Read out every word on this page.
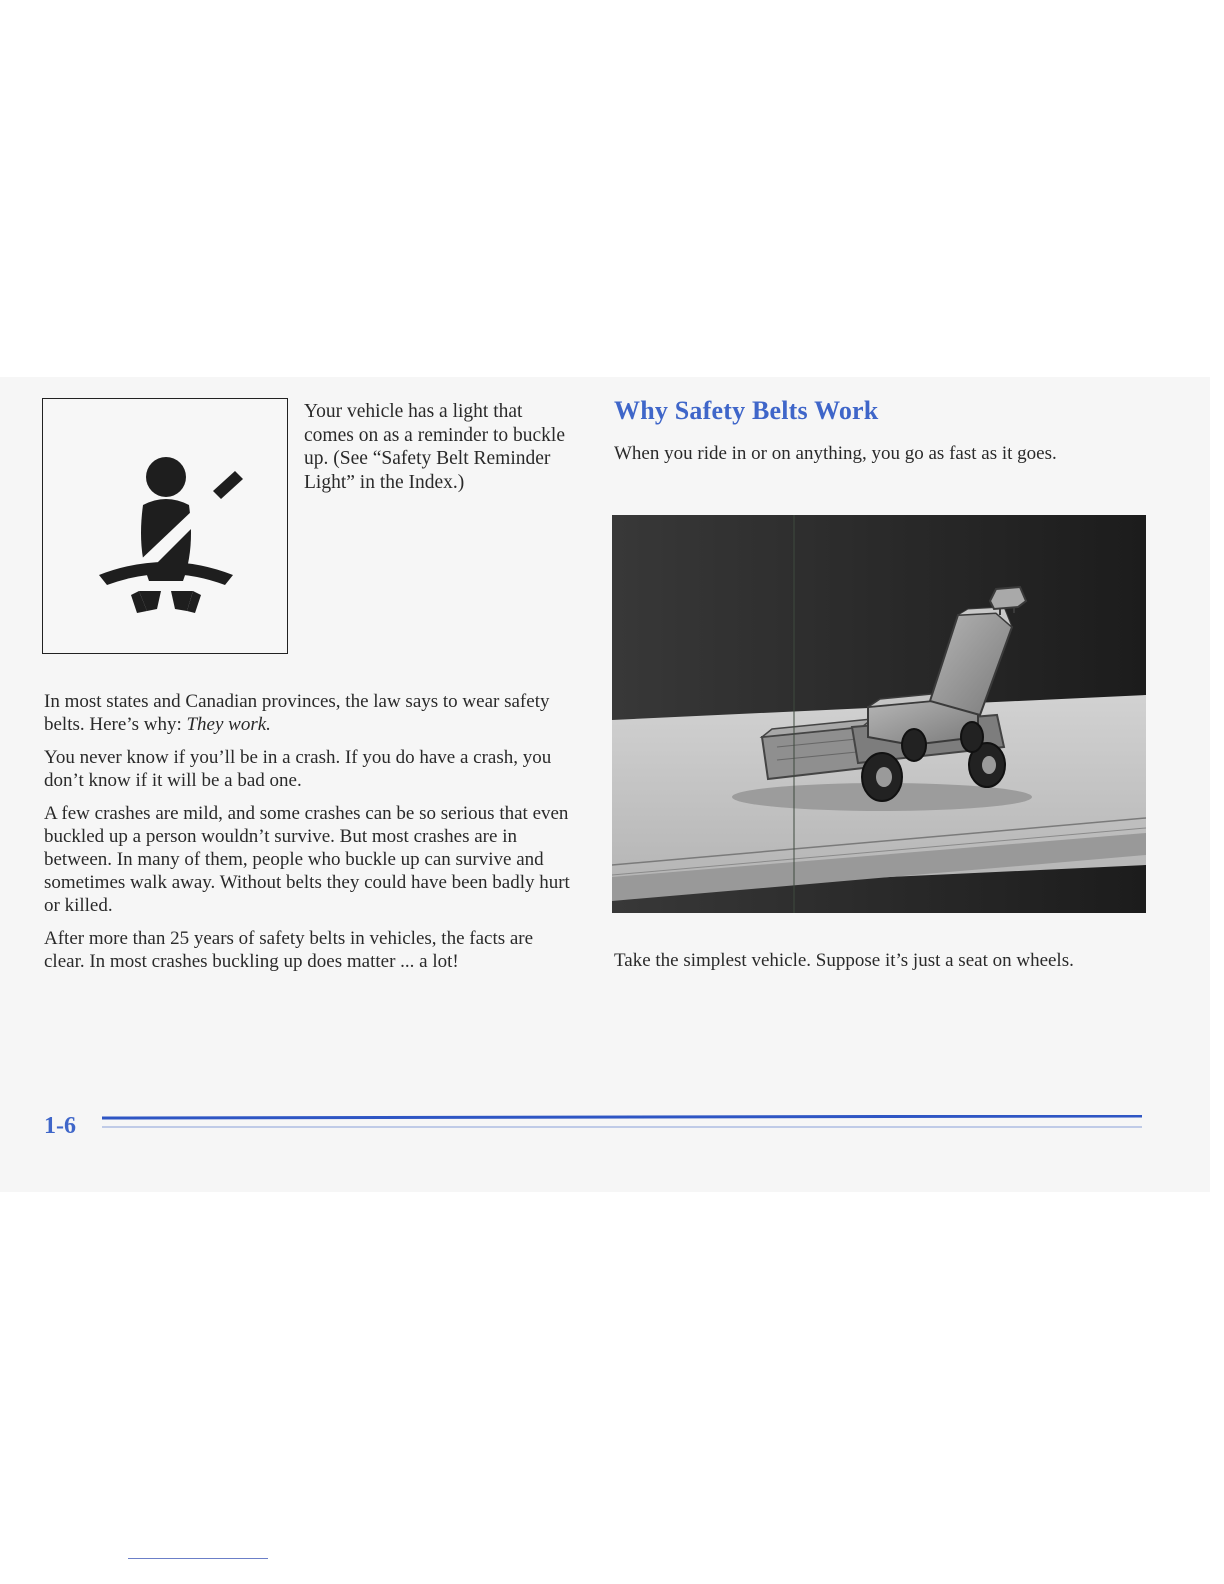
Your vehicle has a light that comes on as a reminder to buckle up. (See “Safety Belt Reminder Light” in the Index.)

In most states and Canadian provinces, the law says to wear safety belts. Here’s why: They work.

You never know if you’ll be in a crash. If you do have a crash, you don’t know if it will be a bad one.

A few crashes are mild, and some crashes can be so serious that even buckled up a person wouldn’t survive. But most crashes are in between. In many of them, people who buckle up can survive and sometimes walk away. Without belts they could have been badly hurt or killed.

After more than 25 years of safety belts in vehicles, the facts are clear. In most crashes buckling up does matter ... a lot!

Why Safety Belts Work

When you ride in or on anything, you go as fast as it goes.

Take the simplest vehicle. Suppose it’s just a seat on wheels.

1-6
